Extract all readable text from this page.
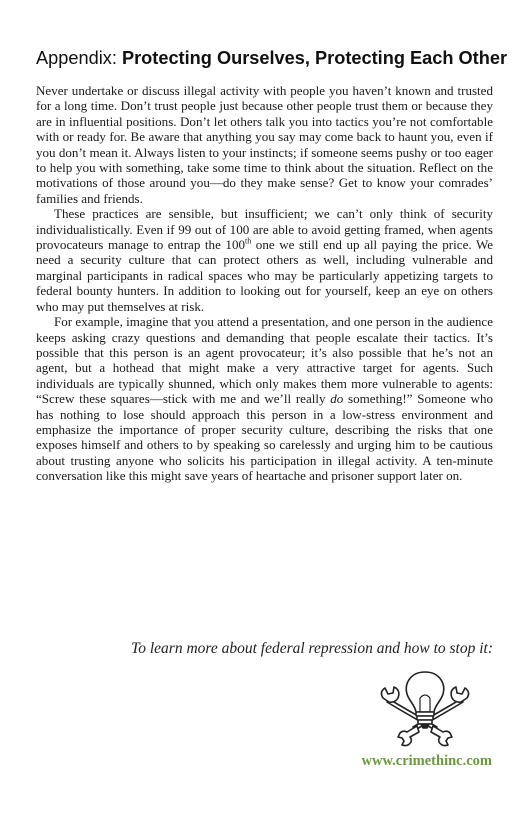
Appendix: Protecting Ourselves, Protecting Each Other

Never undertake or discuss illegal activity with people you haven’t known and trusted for a long time. Don’t trust people just because other people trust them or because they are in influential positions. Don’t let others talk you into tactics you’re not comfortable with or ready for. Be aware that anything you say may come back to haunt you, even if you don’t mean it. Always listen to your instincts; if someone seems pushy or too eager to help you with something, take some time to think about the situation. Reflect on the motivations of those around you—do they make sense? Get to know your comrades’ families and friends.

These practices are sensible, but insufficient; we can’t only think of security individualistically. Even if 99 out of 100 are able to avoid getting framed, when agents provocateurs manage to entrap the 100th one we still end up all paying the price. We need a security culture that can protect others as well, including vulnerable and marginal participants in radical spaces who may be particularly appetizing targets to federal bounty hunters. In addition to looking out for yourself, keep an eye on others who may put themselves at risk.

For example, imagine that you attend a presentation, and one person in the audience keeps asking crazy questions and demanding that people escalate their tactics. It’s possible that this person is an agent provocateur; it’s also possible that he’s not an agent, but a hothead that might make a very attractive target for agents. Such individuals are typically shunned, which only makes them more vulnerable to agents: “Screw these squares—stick with me and we’ll really do something!” Someone who has nothing to lose should approach this person in a low-stress environment and emphasize the importance of proper security culture, describing the risks that one exposes himself and others to by speaking so carelessly and urging him to be cautious about trusting anyone who solicits his participation in illegal activity. A ten-minute conversation like this might save years of heartache and prisoner support later on.

To learn more about federal repression and how to stop it:
www.crimethinc.com
